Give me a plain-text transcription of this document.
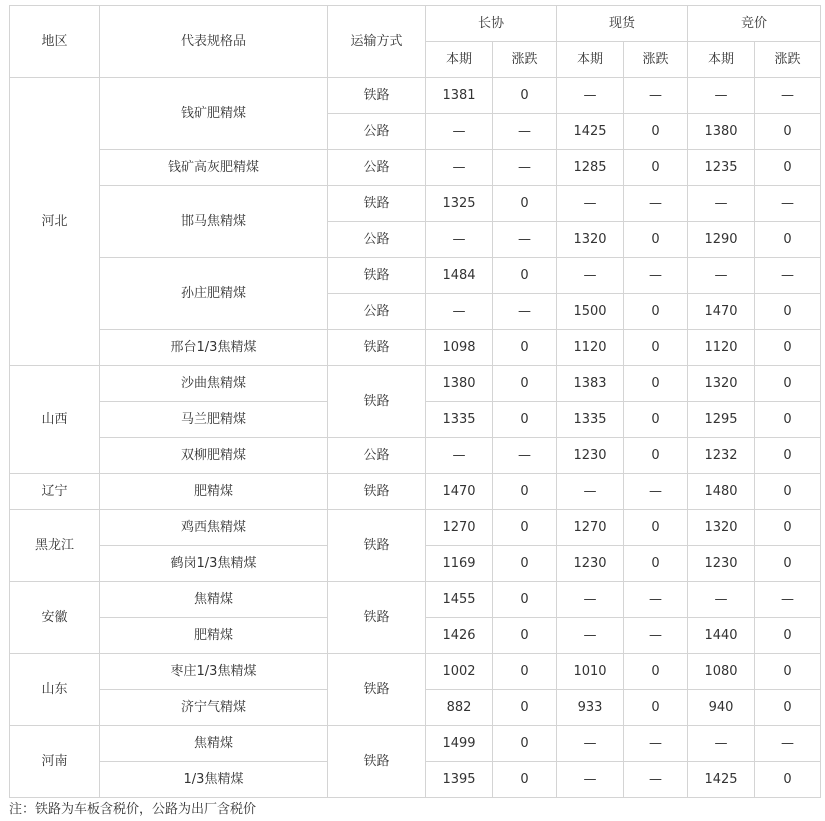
地区	代表规格品	运输方式	长协		现货		竞价	
			本期	涨跌	本期	涨跌	本期	涨跌
河北	钱矿肥精煤	铁路	1381	0	—	—	—	—
		公路	—	—	1425	0	1380	0
	钱矿高灰肥精煤	公路	—	—	1285	0	1235	0
	邯马焦精煤	铁路	1325	0	—	—	—	—
		公路	—	—	1320	0	1290	0
	孙庄肥精煤	铁路	1484	0	—	—	—	—
		公路	—	—	1500	0	1470	0
	邢台1/3焦精煤	铁路	1098	0	1120	0	1120	0
山西	沙曲焦精煤	铁路	1380	0	1383	0	1320	0
	马兰肥精煤		1335	0	1335	0	1295	0
	双柳肥精煤	公路	—	—	1230	0	1232	0
辽宁	肥精煤	铁路	1470	0	—	—	1480	0
黑龙江	鸡西焦精煤	铁路	1270	0	1270	0	1320	0
	鹤岗1/3焦精煤		1169	0	1230	0	1230	0
安徽	焦精煤	铁路	1455	0	—	—	—	—
	肥精煤		1426	0	—	—	1440	0
山东	枣庄1/3焦精煤	铁路	1002	0	1010	0	1080	0
	济宁气精煤		882	0	933	0	940	0
河南	焦精煤	铁路	1499	0	—	—	—	—
	1/3焦精煤		1395	0	—	—	1425	0
注：铁路为车板含税价，公路为出厂含税价
